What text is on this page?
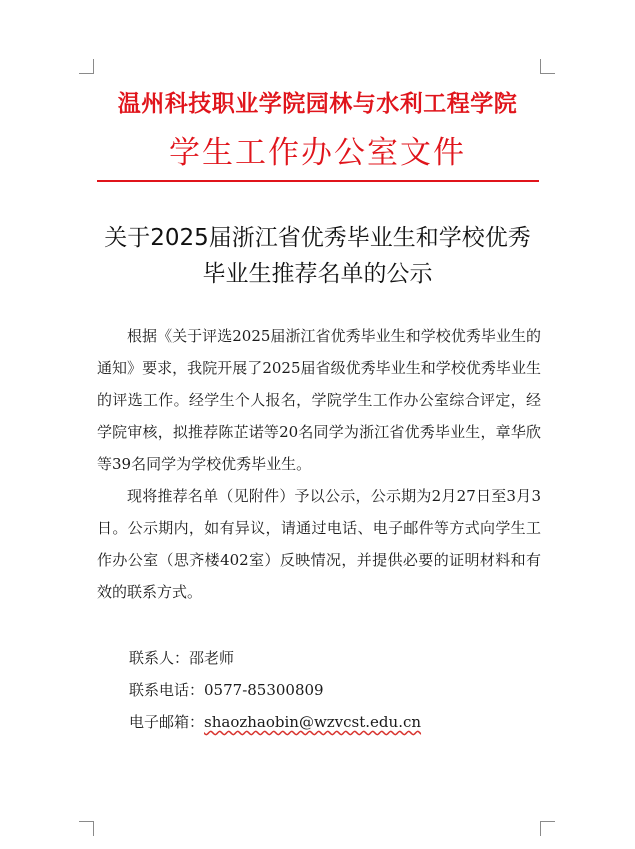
温州科技职业学院园林与水利工程学院
学生工作办公室文件
关于2025届浙江省优秀毕业生和学校优秀
毕业生推荐名单的公示

根据《关于评选2025届浙江省优秀毕业生和学校优秀毕业生的通知》要求，我院开展了2025届省级优秀毕业生和学校优秀毕业生的评选工作。经学生个人报名，学院学生工作办公室综合评定，经学院审核，拟推荐陈芷诺等20名同学为浙江省优秀毕业生，章华欣等39名同学为学校优秀毕业生。

现将推荐名单（见附件）予以公示，公示期为2月27日至3月3日。公示期内，如有异议，请通过电话、电子邮件等方式向学生工作办公室（思齐楼402室）反映情况，并提供必要的证明材料和有效的联系方式。

联系人：邵老师
联系电话：0577-85300809
电子邮箱：shaozhaobin@wzvcst.edu.cn
